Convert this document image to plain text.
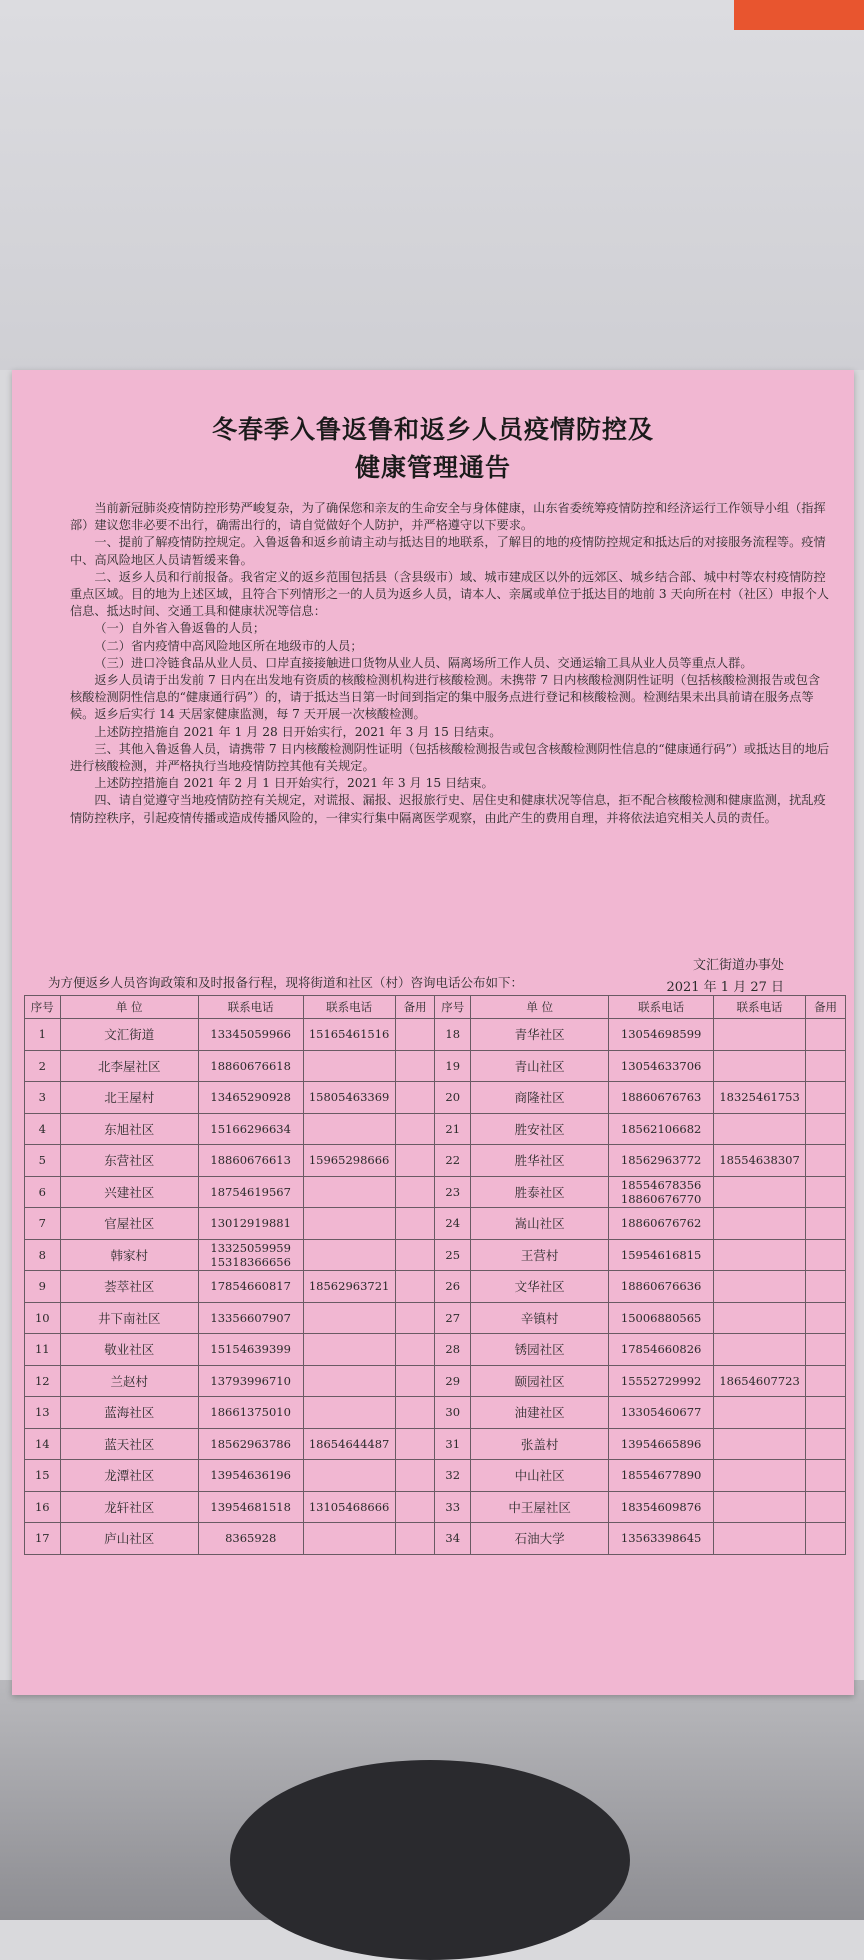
冬春季入鲁返鲁和返乡人员疫情防控及
健康管理通告

当前新冠肺炎疫情防控形势严峻复杂，为了确保您和亲友的生命安全与身体健康，山东省委统筹疫情防控和经济运行工作领导小组（指挥部）建议您非必要不出行，确需出行的，请自觉做好个人防护，并严格遵守以下要求。

一、提前了解疫情防控规定。入鲁返鲁和返乡前请主动与抵达目的地联系，了解目的地的疫情防控规定和抵达后的对接服务流程等。疫情中、高风险地区人员请暂缓来鲁。

二、返乡人员和行前报备。我省定义的返乡范围包括县（含县级市）域、城市建成区以外的远郊区、城乡结合部、城中村等农村疫情防控重点区域。目的地为上述区域，且符合下列情形之一的人员为返乡人员，请本人、亲属或单位于抵达目的地前 3 天向所在村（社区）申报个人信息、抵达时间、交通工具和健康状况等信息：

（一）自外省入鲁返鲁的人员；

（二）省内疫情中高风险地区所在地级市的人员；

（三）进口冷链食品从业人员、口岸直接接触进口货物从业人员、隔离场所工作人员、交通运输工具从业人员等重点人群。

返乡人员请于出发前 7 日内在出发地有资质的核酸检测机构进行核酸检测。未携带 7 日内核酸检测阴性证明（包括核酸检测报告或包含核酸检测阴性信息的“健康通行码”）的，请于抵达当日第一时间到指定的集中服务点进行登记和核酸检测。检测结果未出具前请在服务点等候。返乡后实行 14 天居家健康监测，每 7 天开展一次核酸检测。

上述防控措施自 2021 年 1 月 28 日开始实行，2021 年 3 月 15 日结束。

三、其他入鲁返鲁人员，请携带 7 日内核酸检测阴性证明（包括核酸检测报告或包含核酸检测阴性信息的“健康通行码”）或抵达目的地后进行核酸检测，并严格执行当地疫情防控其他有关规定。

上述防控措施自 2021 年 2 月 1 日开始实行，2021 年 3 月 15 日结束。

四、请自觉遵守当地疫情防控有关规定，对谎报、漏报、迟报旅行史、居住史和健康状况等信息，拒不配合核酸检测和健康监测，扰乱疫情防控秩序，引起疫情传播或造成传播风险的，一律实行集中隔离医学观察，由此产生的费用自理，并将依法追究相关人员的责任。

文汇街道办事处
2021 年 1 月 27 日
为方便返乡人员咨询政策和及时报备行程，现将街道和社区（村）咨询电话公布如下：
序号	单 位	联系电话	联系电话	备用	序号	单 位	联系电话	联系电话	备用
1	文汇街道	13345059966	15165461516		18	青华社区	13054698599		
2	北李屋社区	18860676618			19	青山社区	13054633706		
3	北王屋村	13465290928	15805463369		20	商隆社区	18860676763	18325461753	
4	东旭社区	15166296634			21	胜安社区	18562106682		
5	东营社区	18860676613	15965298666		22	胜华社区	18562963772	18554638307	
6	兴建社区	18754619567			23	胜泰社区	18554678356
18860676770		
7	官屋社区	13012919881			24	嵩山社区	18860676762		
8	韩家村	13325059959
15318366656			25	王营村	15954616815		
9	荟萃社区	17854660817	18562963721		26	文华社区	18860676636		
10	井下南社区	13356607907			27	辛镇村	15006880565		
11	敬业社区	15154639399			28	锈园社区	17854660826		
12	兰赵村	13793996710			29	颐园社区	15552729992	18654607723	
13	蓝海社区	18661375010			30	油建社区	13305460677		
14	蓝天社区	18562963786	18654644487		31	张盖村	13954665896		
15	龙潭社区	13954636196			32	中山社区	18554677890		
16	龙轩社区	13954681518	13105468666		33	中王屋社区	18354609876		
17	庐山社区	8365928			34	石油大学	13563398645		
